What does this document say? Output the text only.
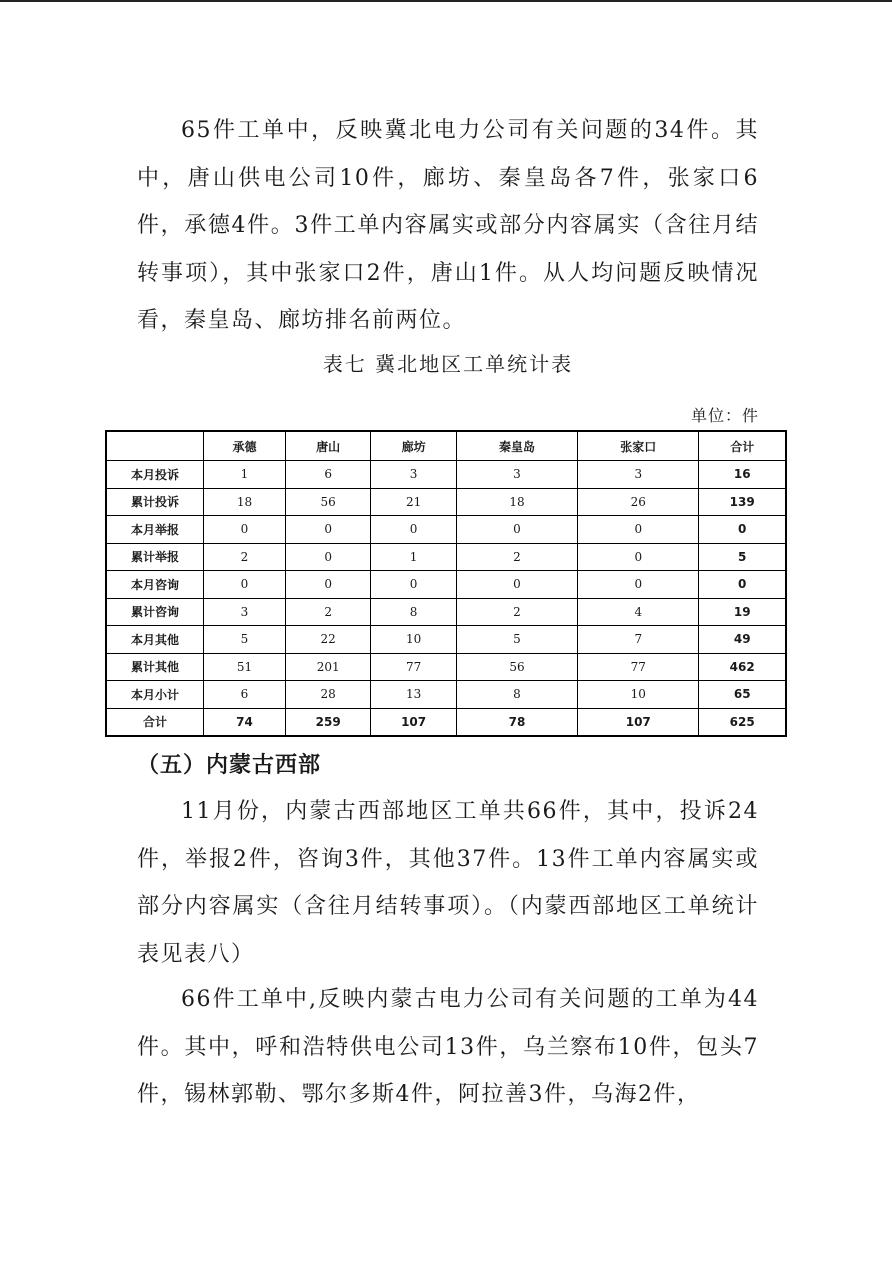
65件工单中，反映冀北电力公司有关问题的34件。其中，唐山供电公司10件，廊坊、秦皇岛各7件，张家口6件，承德4件。3件工单内容属实或部分内容属实（含往月结转事项），其中张家口2件，唐山1件。从人均问题反映情况看，秦皇岛、廊坊排名前两位。

表七 冀北地区工单统计表
单位：件

11月份，内蒙古西部地区工单共66件，其中，投诉24件，举报2件，咨询3件，其他37件。13件工单内容属实或部分内容属实（含往月结转事项）。（内蒙西部地区工单统计表见表八）

66件工单中,反映内蒙古电力公司有关问题的工单为44件。其中，呼和浩特供电公司13件，乌兰察布10件，包头7件，锡林郭勒、鄂尔多斯4件，阿拉善3件，乌海2件，

	承德	唐山	廊坊	秦皇岛	张家口	合计
本月投诉	1	6	3	3	3	16
累计投诉	18	56	21	18	26	139
本月举报	0	0	0	0	0	0
累计举报	2	0	1	2	0	5
本月咨询	0	0	0	0	0	0
累计咨询	3	2	8	2	4	19
本月其他	5	22	10	5	7	49
累计其他	51	201	77	56	77	462
本月小计	6	28	13	8	10	65
合计	74	259	107	78	107	625
（五）内蒙古西部
